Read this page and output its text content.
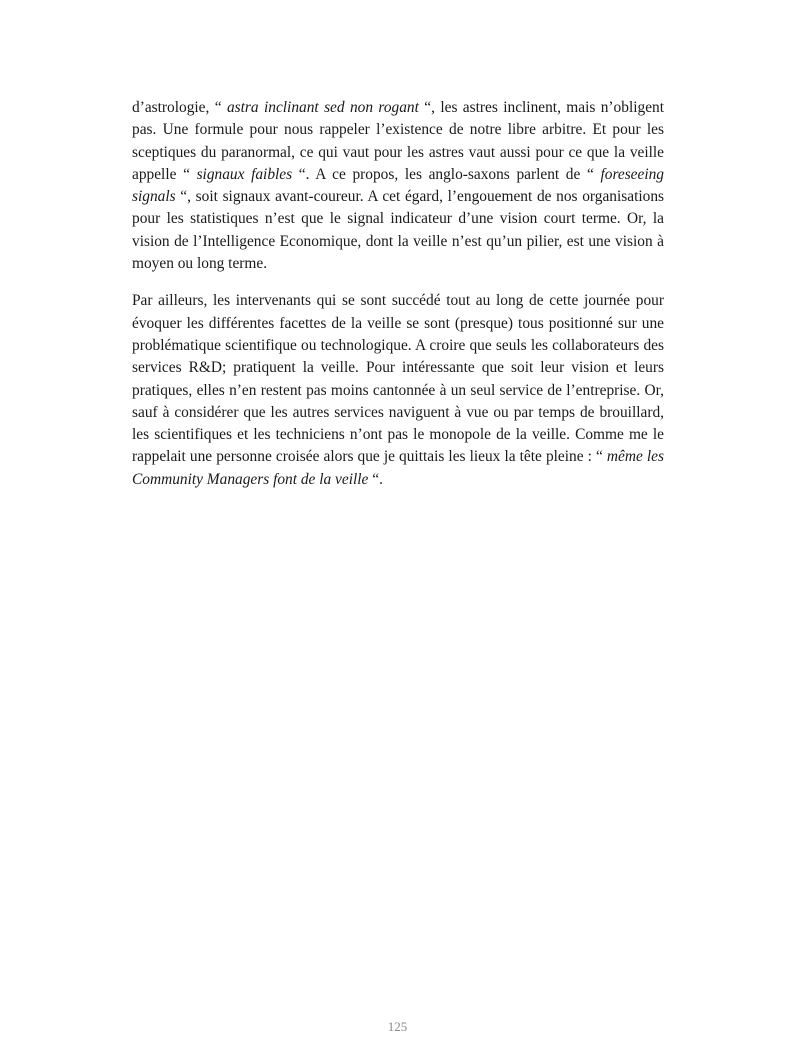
d’astrologie, “ astra inclinant sed non rogant “, les astres inclinent, mais n’obligent pas. Une formule pour nous rappeler l’existence de notre libre arbitre. Et pour les sceptiques du paranormal, ce qui vaut pour les astres vaut aussi pour ce que la veille appelle “ signaux faibles “. A ce propos, les anglo-saxons parlent de “ foreseeing signals “, soit signaux avant-coureur. A cet égard, l’engouement de nos organisations pour les statistiques n’est que le signal indicateur d’une vision court terme. Or, la vision de l’Intelligence Economique, dont la veille n’est qu’un pilier, est une vision à moyen ou long terme.

Par ailleurs, les intervenants qui se sont succédé tout au long de cette journée pour évoquer les différentes facettes de la veille se sont (presque) tous positionné sur une problématique scientifique ou technologique. A croire que seuls les collaborateurs des services R&D; pratiquent la veille. Pour intéressante que soit leur vision et leurs pratiques, elles n’en restent pas moins cantonnée à un seul service de l’entreprise. Or, sauf à considérer que les autres services naviguent à vue ou par temps de brouillard, les scientifiques et les techniciens n’ont pas le monopole de la veille. Comme me le rappelait une personne croisée alors que je quittais les lieux la tête pleine : “ même les Community Managers font de la veille “.

125
